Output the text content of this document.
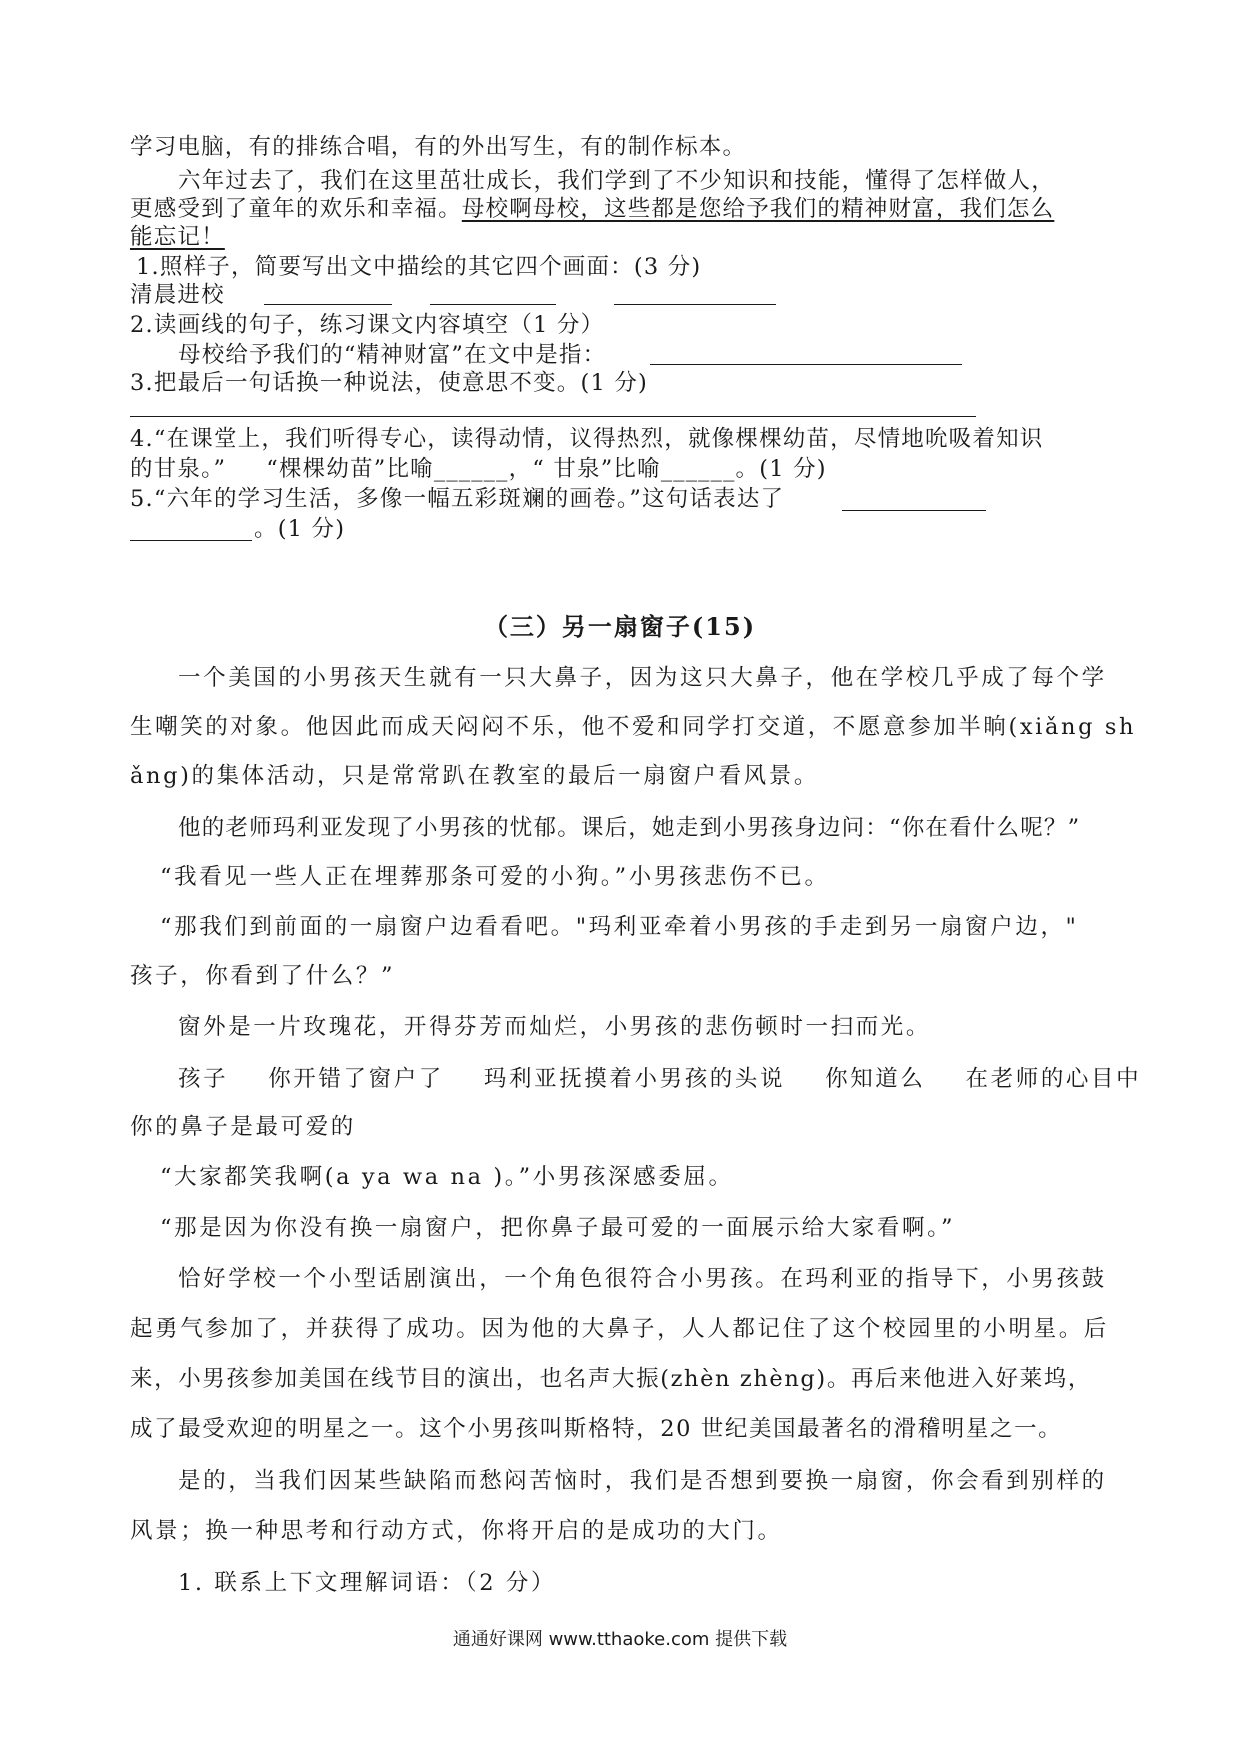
学习电脑，有的排练合唱，有的外出写生，有的制作标本。
六年过去了，我们在这里茁壮成长，我们学到了不少知识和技能，懂得了怎样做人，
更感受到了童年的欢乐和幸福。母校啊母校，这些都是您给予我们的精神财富，我们怎么
能忘记！
1.照样子，简要写出文中描绘的其它四个画面：(3 分)
清晨进校
2.读画线的句子，练习课文内容填空（1 分）
母校给予我们的“精神财富”在文中是指：
3.把最后一句话换一种说法，使意思不变。(1 分)
4.“在课堂上，我们听得专心，读得动情，议得热烈，就像棵棵幼苗，尽情地吮吸着知识
的甘泉。” “棵棵幼苗”比喻______，“ 甘泉”比喻______。(1 分)
5.“六年的学习生活，多像一幅五彩斑斓的画卷。”这句话表达了
。(1 分)
（三）另一扇窗子(15)
一个美国的小男孩天生就有一只大鼻子，因为这只大鼻子，他在学校几乎成了每个学
生嘲笑的对象。他因此而成天闷闷不乐，他不爱和同学打交道，不愿意参加半晌(xiǎng sh
ǎng)的集体活动，只是常常趴在教室的最后一扇窗户看风景。
他的老师玛利亚发现了小男孩的忧郁。课后，她走到小男孩身边问：“你在看什么呢？”
“我看见一些人正在埋葬那条可爱的小狗。”小男孩悲伤不已。
“那我们到前面的一扇窗户边看看吧。"玛利亚牵着小男孩的手走到另一扇窗户边，"
孩子，你看到了什么？”
窗外是一片玫瑰花，开得芬芳而灿烂，小男孩的悲伤顿时一扫而光。
孩子 你开错了窗户了 玛利亚抚摸着小男孩的头说 你知道么 在老师的心目中
你的鼻子是最可爱的
“大家都笑我啊(a ya wa na )。”小男孩深感委屈。
“那是因为你没有换一扇窗户，把你鼻子最可爱的一面展示给大家看啊。”
恰好学校一个小型话剧演出，一个角色很符合小男孩。在玛利亚的指导下，小男孩鼓
起勇气参加了，并获得了成功。因为他的大鼻子，人人都记住了这个校园里的小明星。后
来，小男孩参加美国在线节目的演出，也名声大振(zhèn zhèng)。再后来他进入好莱坞，
成了最受欢迎的明星之一。这个小男孩叫斯格特，20 世纪美国最著名的滑稽明星之一。
是的，当我们因某些缺陷而愁闷苦恼时，我们是否想到要换一扇窗，你会看到别样的
风景；换一种思考和行动方式，你将开启的是成功的大门。
1. 联系上下文理解词语：（2 分）
通通好课网 www.tthaoke.com 提供下载
